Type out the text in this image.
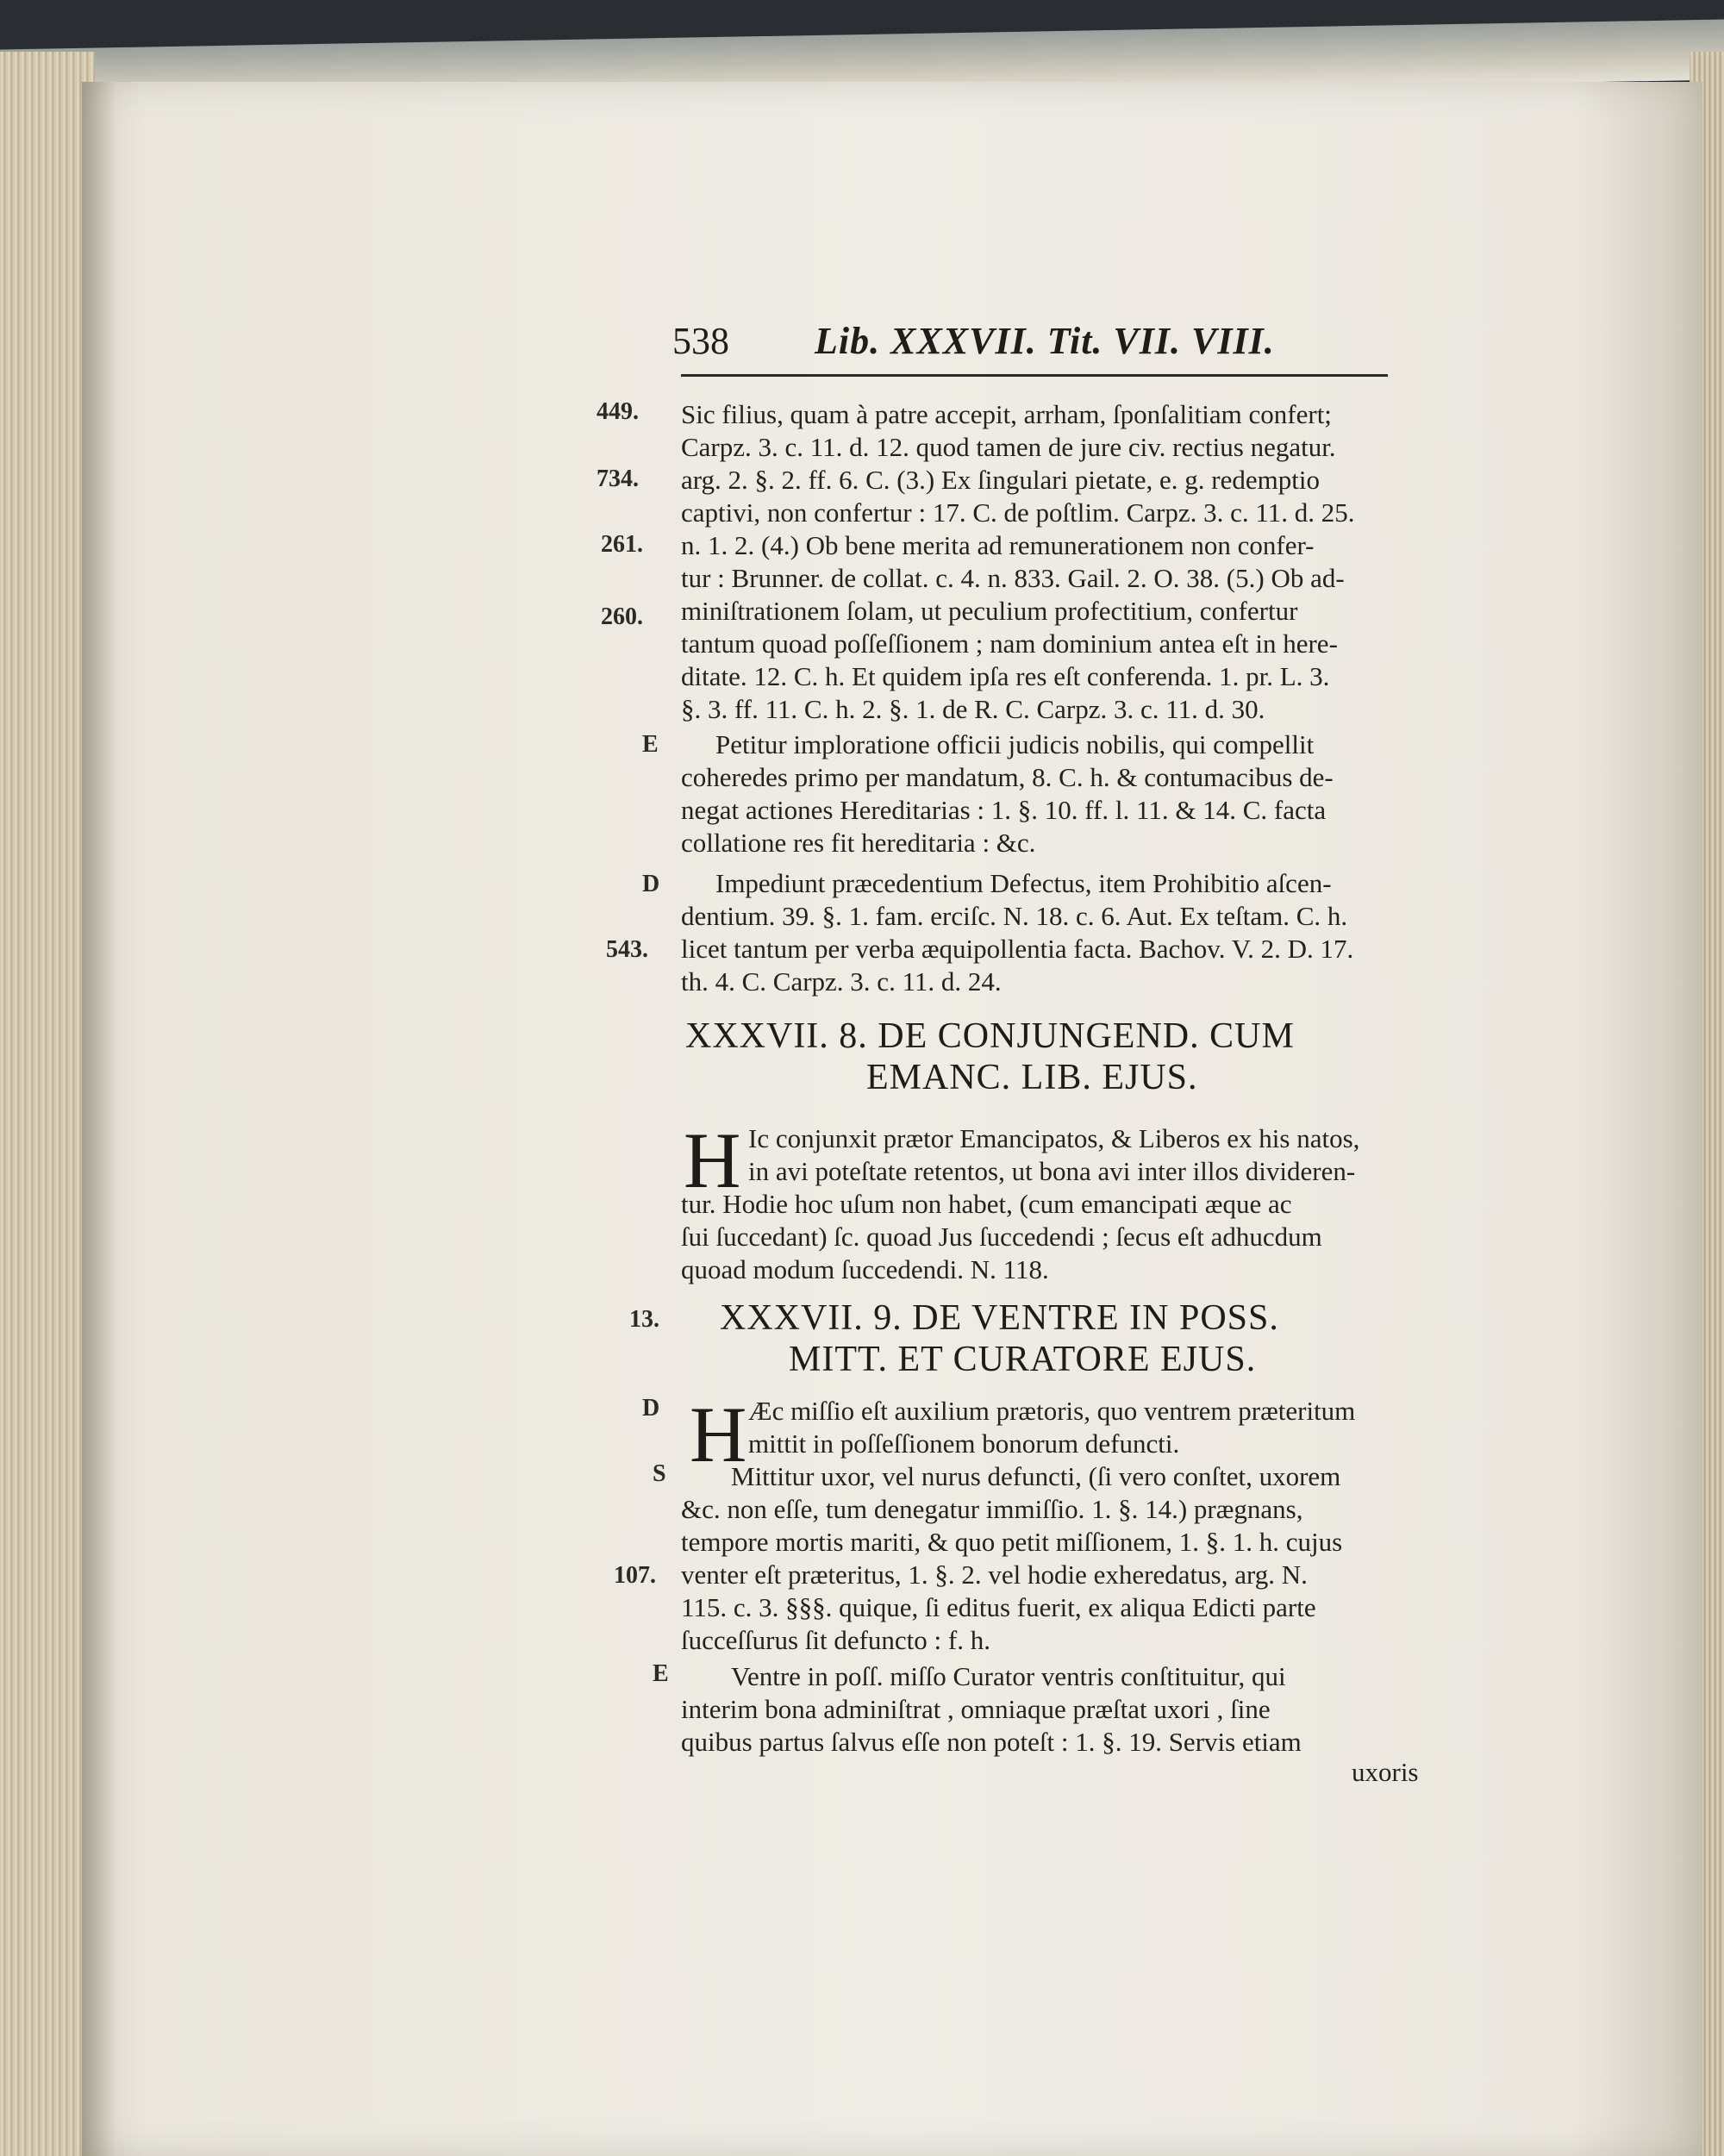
538 Lib. XXXVII. Tit. VII. VIII.
449.
734.
261.
260.
E
D
543.
13.
D
S
107.
E
Sic filius, quam à patre accepit, arrham, ſponſalitiam confert;
Carpz. 3. c. 11. d. 12. quod tamen de jure civ. rectius negatur.
arg. 2. §. 2. ff. 6. C. (3.) Ex ſingulari pietate, e. g. redemptio
captivi, non confertur : 17. C. de poſtlim. Carpz. 3. c. 11. d. 25.
n. 1. 2. (4.) Ob bene merita ad remunerationem non confer-
tur : Brunner. de collat. c. 4. n. 833. Gail. 2. O. 38. (5.) Ob ad-
miniſtrationem ſolam, ut peculium profectitium, confertur
tantum quoad poſſeſſionem ; nam dominium antea eſt in here-
ditate. 12. C. h. Et quidem ipſa res eſt conferenda. 1. pr. L. 3.
§. 3. ff. 11. C. h. 2. §. 1. de R. C. Carpz. 3. c. 11. d. 30.
Petitur imploratione officii judicis nobilis, qui compellit
coheredes primo per mandatum, 8. C. h. & contumacibus de-
negat actiones Hereditarias : 1. §. 10. ff. l. 11. & 14. C. facta
collatione res fit hereditaria : &c.
Impediunt præcedentium Defectus, item Prohibitio aſcen-
dentium. 39. §. 1. fam. erciſc. N. 18. c. 6. Aut. Ex teſtam. C. h.
licet tantum per verba æquipollentia facta. Bachov. V. 2. D. 17.
th. 4. C. Carpz. 3. c. 11. d. 24.
XXXVII. 8. DE CONJUNGEND. CUM
EMANC. LIB. EJUS.
H Ic conjunxit prætor Emancipatos, & Liberos ex his natos,
in avi poteſtate retentos, ut bona avi inter illos divideren-
tur. Hodie hoc uſum non habet, (cum emancipati æque ac
ſui ſuccedant) ſc. quoad Jus ſuccedendi ; ſecus eſt adhucdum
quoad modum ſuccedendi. N. 118.
XXXVII. 9. DE VENTRE IN POSS.
MITT. ET CURATORE EJUS.
H Æc miſſio eſt auxilium prætoris, quo ventrem præteritum
mittit in poſſeſſionem bonorum defuncti.
Mittitur uxor, vel nurus defuncti, (ſi vero conſtet, uxorem
&c. non eſſe, tum denegatur immiſſio. 1. §. 14.) prægnans,
tempore mortis mariti, & quo petit miſſionem, 1. §. 1. h. cujus
venter eſt præteritus, 1. §. 2. vel hodie exheredatus, arg. N.
115. c. 3. §§§. quique, ſi editus fuerit, ex aliqua Edicti parte
ſucceſſurus ſit defuncto : f. h.
Ventre in poſſ. miſſo Curator ventris conſtituitur, qui
interim bona adminiſtrat , omniaque præſtat uxori , ſine
quibus partus ſalvus eſſe non poteſt : 1. §. 19. Servis etiam
uxoris
